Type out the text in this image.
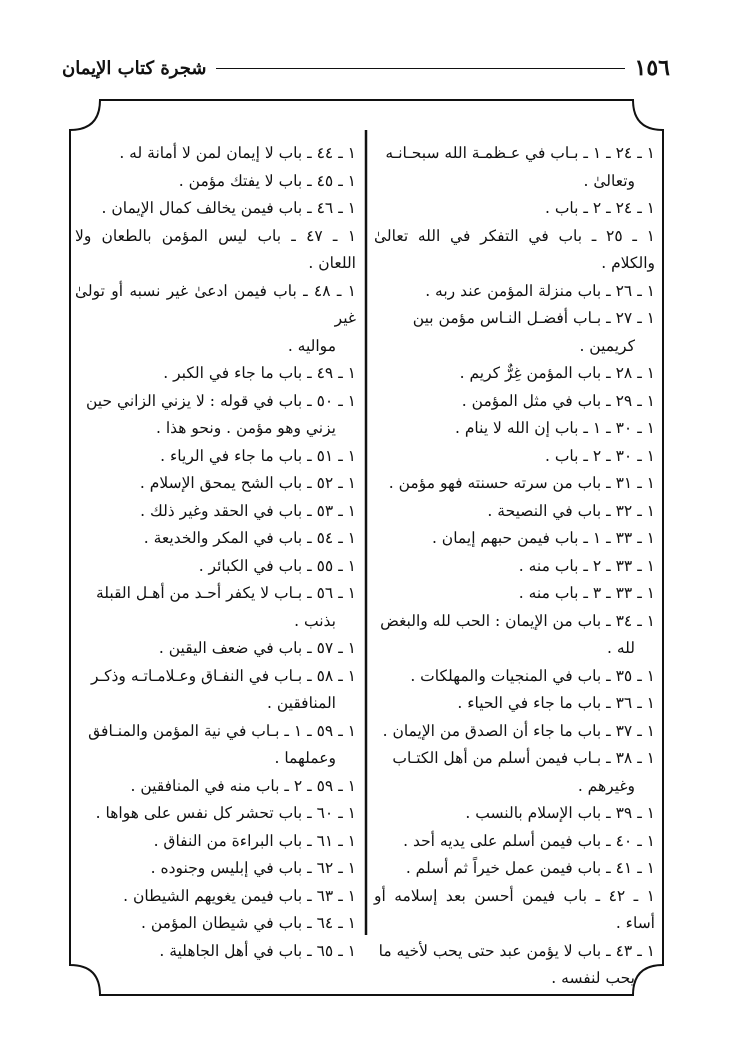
١٥٦
شجرة كتاب الإيمان
١ ـ ٢٤ ـ ١ ـ بـاب في عـظمـة الله سبحـانـه
وتعالىٰ .
١ ـ ٢٤ ـ ٢ ـ باب .
١ ـ ٢٥ ـ باب في التفكر في الله تعالىٰ والكلام .
١ ـ ٢٦ ـ باب منزلة المؤمن عند ربه .
١ ـ ٢٧ ـ بـاب أفضـل النـاس مؤمن بين
كريمين .
١ ـ ٢٨ ـ باب المؤمن غِرٌّ كريم .
١ ـ ٢٩ ـ باب في مثل المؤمن .
١ ـ ٣٠ ـ ١ ـ باب إن الله لا ينام .
١ ـ ٣٠ ـ ٢ ـ باب .
١ ـ ٣١ ـ باب من سرته حسنته فهو مؤمن .
١ ـ ٣٢ ـ باب في النصيحة .
١ ـ ٣٣ ـ ١ ـ باب فيمن حبهم إيمان .
١ ـ ٣٣ ـ ٢ ـ باب منه .
١ ـ ٣٣ ـ ٣ ـ باب منه .
١ ـ ٣٤ ـ باب من الإيمان : الحب لله والبغض
لله .
١ ـ ٣٥ ـ باب في المنجيات والمهلكات .
١ ـ ٣٦ ـ باب ما جاء في الحياء .
١ ـ ٣٧ ـ باب ما جاء أن الصدق من الإيمان .
١ ـ ٣٨ ـ بـاب فيمن أسلم من أهل الكتـاب
وغيرهم .
١ ـ ٣٩ ـ باب الإسلام بالنسب .
١ ـ ٤٠ ـ باب فيمن أسلم على يديه أحد .
١ ـ ٤١ ـ باب فيمن عمل خيراً ثم أسلم .
١ ـ ٤٢ ـ باب فيمن أحسن بعد إسلامه أو أساء .
١ ـ ٤٣ ـ باب لا يؤمن عبد حتى يحب لأخيه ما
يحب لنفسه .
١ ـ ٤٤ ـ باب لا إيمان لمن لا أمانة له .
١ ـ ٤٥ ـ باب لا يفتك مؤمن .
١ ـ ٤٦ ـ باب فيمن يخالف كمال الإيمان .
١ ـ ٤٧ ـ باب ليس المؤمن بالطعان ولا اللعان .
١ ـ ٤٨ ـ باب فيمن ادعىٰ غير نسبه أو تولىٰ غير
مواليه .
١ ـ ٤٩ ـ باب ما جاء في الكبر .
١ ـ ٥٠ ـ باب في قوله : لا يزني الزاني حين
يزني وهو مؤمن . ونحو هذا .
١ ـ ٥١ ـ باب ما جاء في الرياء .
١ ـ ٥٢ ـ باب الشح يمحق الإسلام .
١ ـ ٥٣ ـ باب في الحقد وغير ذلك .
١ ـ ٥٤ ـ باب في المكر والخديعة .
١ ـ ٥٥ ـ باب في الكبائر .
١ ـ ٥٦ ـ بـاب لا يكفر أحـد من أهـل القبلة
بذنب .
١ ـ ٥٧ ـ باب في ضعف اليقين .
١ ـ ٥٨ ـ بـاب في النفـاق وعـلامـاتـه وذكـر
المنافقين .
١ ـ ٥٩ ـ ١ ـ بـاب في نية المؤمن والمنـافق
وعملهما .
١ ـ ٥٩ ـ ٢ ـ باب منه في المنافقين .
١ ـ ٦٠ ـ باب تحشر كل نفس على هواها .
١ ـ ٦١ ـ باب البراءة من النفاق .
١ ـ ٦٢ ـ باب في إبليس وجنوده .
١ ـ ٦٣ ـ باب فيمن يغويهم الشيطان .
١ ـ ٦٤ ـ باب في شيطان المؤمن .
١ ـ ٦٥ ـ باب في أهل الجاهلية .
